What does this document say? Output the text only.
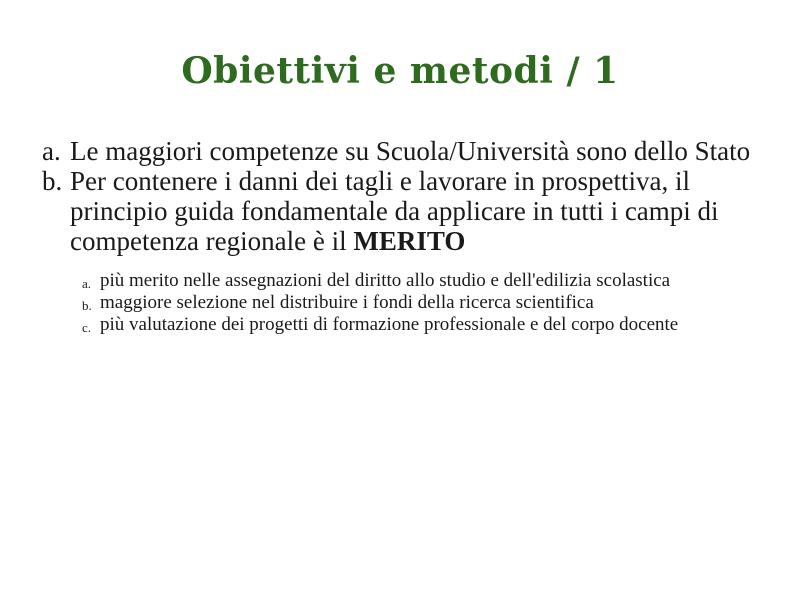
Obiettivi e metodi / 1
a. Le maggiori competenze su Scuola/Università sono dello Stato
b. Per contenere i danni dei tagli e lavorare in prospettiva, il principio guida fondamentale da applicare in tutti i campi di competenza regionale è il MERITO
a. più merito nelle assegnazioni del diritto allo studio e dell'edilizia scolastica
b. maggiore selezione nel distribuire i fondi della ricerca scientifica
c. più valutazione dei progetti di formazione professionale e del corpo docente
